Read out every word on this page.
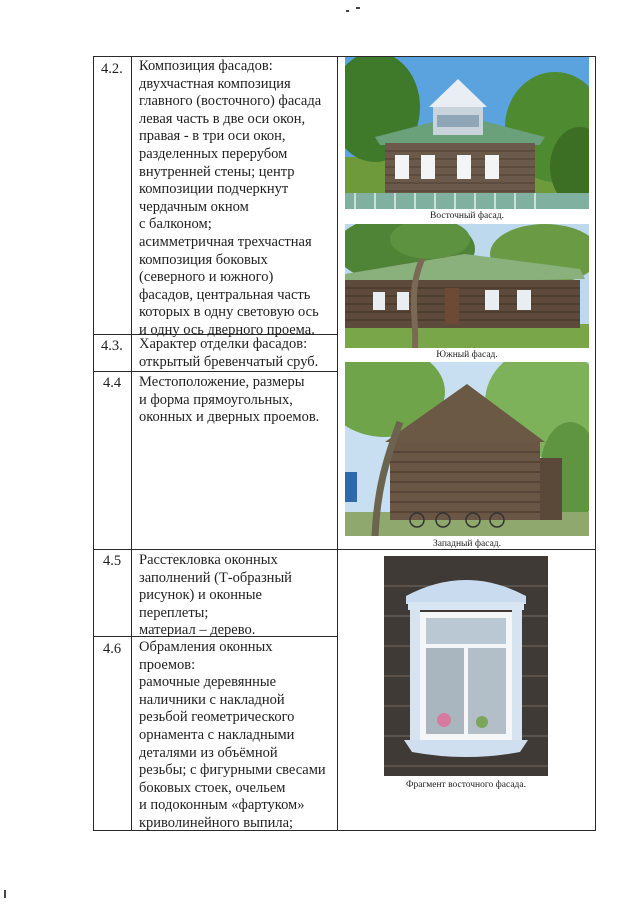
4.2.
4.3.
4.4
4.5
4.6
Композиция фасадов:
двухчастная композиция
главного (восточного) фасада
левая часть в две оси окон,
правая - в три оси окон,
разделенных перерубом
внутренней стены; центр
композиции подчеркнут
чердачным окном
с балконом;
асимметричная трехчастная
композиция боковых
(северного и южного)
фасадов, центральная часть
которых в одну световую ось
и одну ось дверного проема.
Характер отделки фасадов:
открытый бревенчатый сруб.
Местоположение, размеры
и форма прямоугольных,
оконных и дверных проемов.
Расстекловка оконных
заполнений (Т-образный
рисунок) и оконные
переплеты;
материал – дерево.
Обрамления оконных
проемов:
рамочные деревянные
наличники с накладной
резьбой геометрического
орнамента с накладными
деталями из объёмной
резьбы; с фигурными свесами
боковых стоек, очельем
и подоконным «фартуком»
криволинейного выпила;
Восточный фасад.
Южный фасад.
Западный фасад.
Фрагмент восточного фасада.
